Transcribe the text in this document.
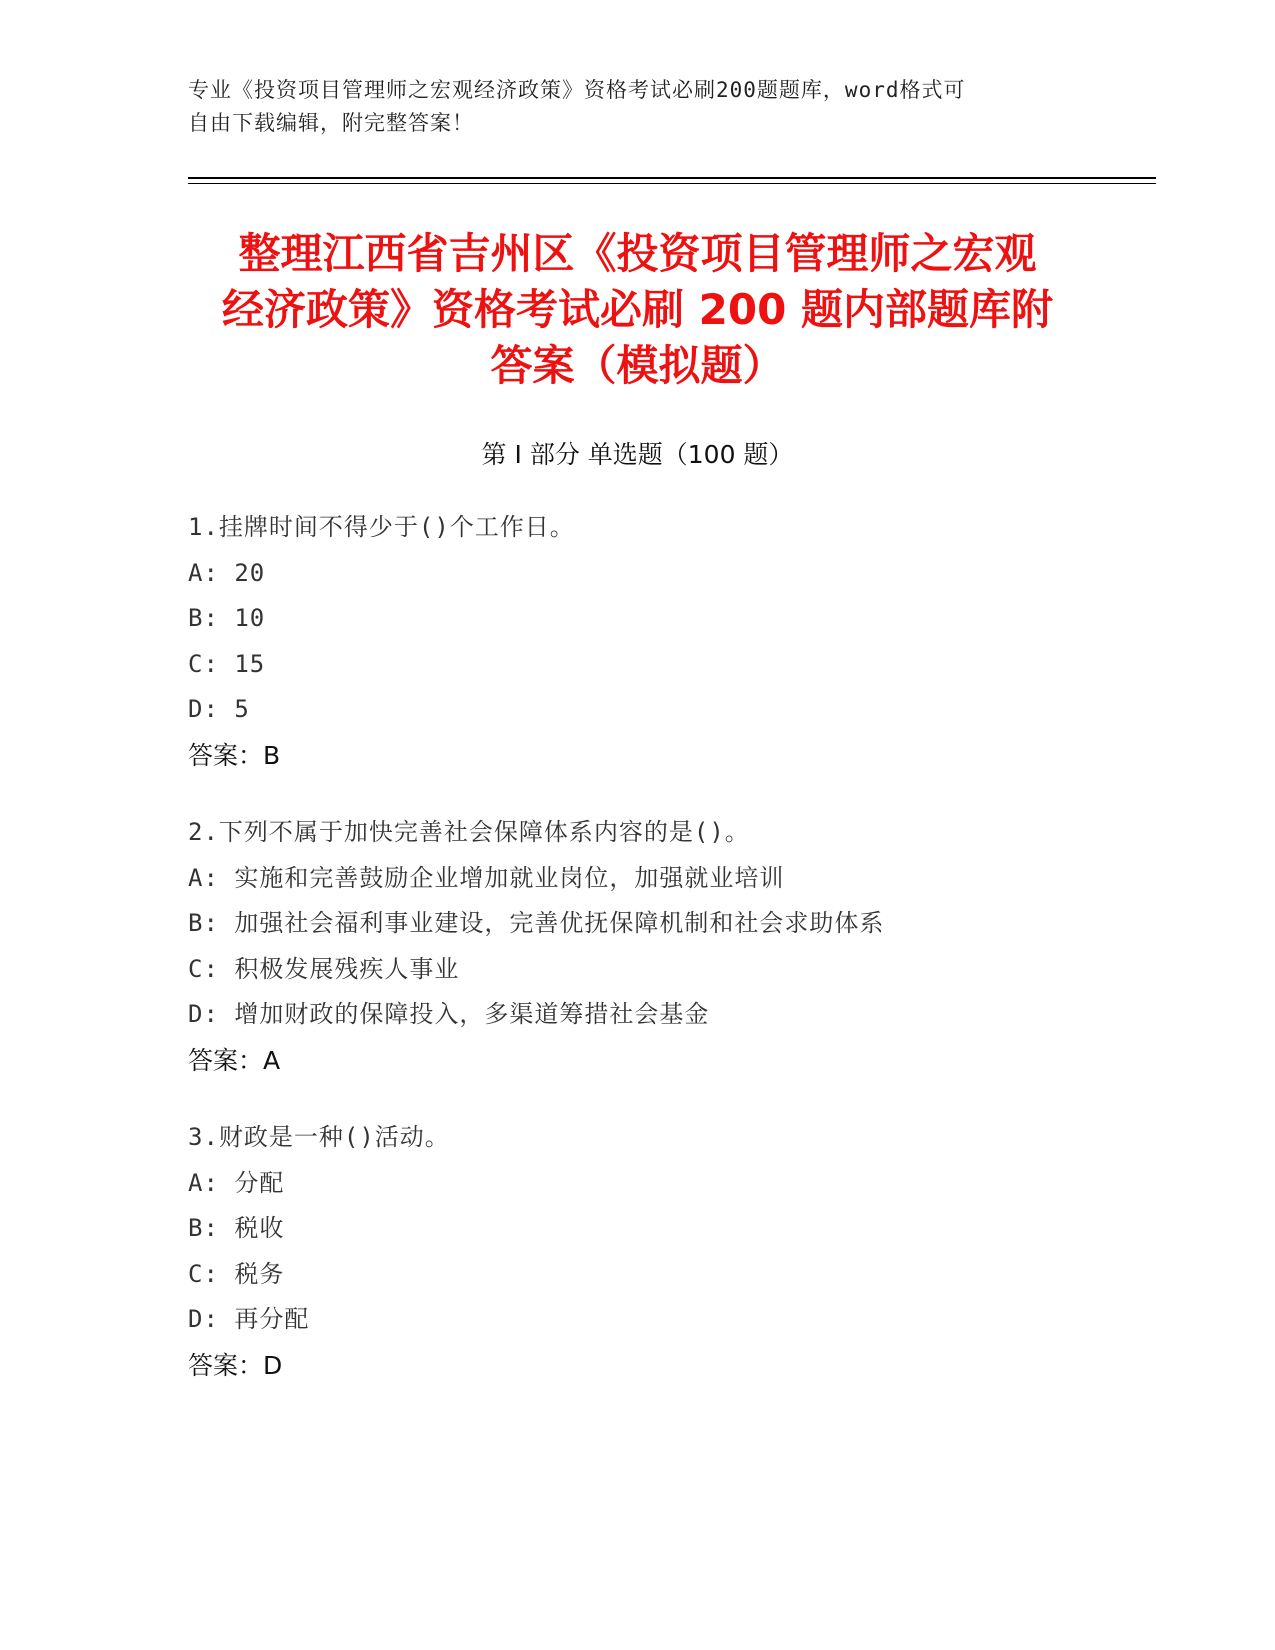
专业《投资项目管理师之宏观经济政策》资格考试必刷200题题库，word格式可
自由下载编辑，附完整答案！
整理江西省吉州区《投资项目管理师之宏观
经济政策》资格考试必刷 200 题内部题库附
答案（模拟题）
第 I 部分 单选题（100 题）
1.挂牌时间不得少于()个工作日。
A: 20
B: 10
C: 15
D: 5
答案：B
2.下列不属于加快完善社会保障体系内容的是()。
A: 实施和完善鼓励企业增加就业岗位，加强就业培训
B: 加强社会福利事业建设，完善优抚保障机制和社会求助体系
C: 积极发展残疾人事业
D: 增加财政的保障投入，多渠道筹措社会基金
答案：A
3.财政是一种()活动。
A: 分配
B: 税收
C: 税务
D: 再分配
答案：D
